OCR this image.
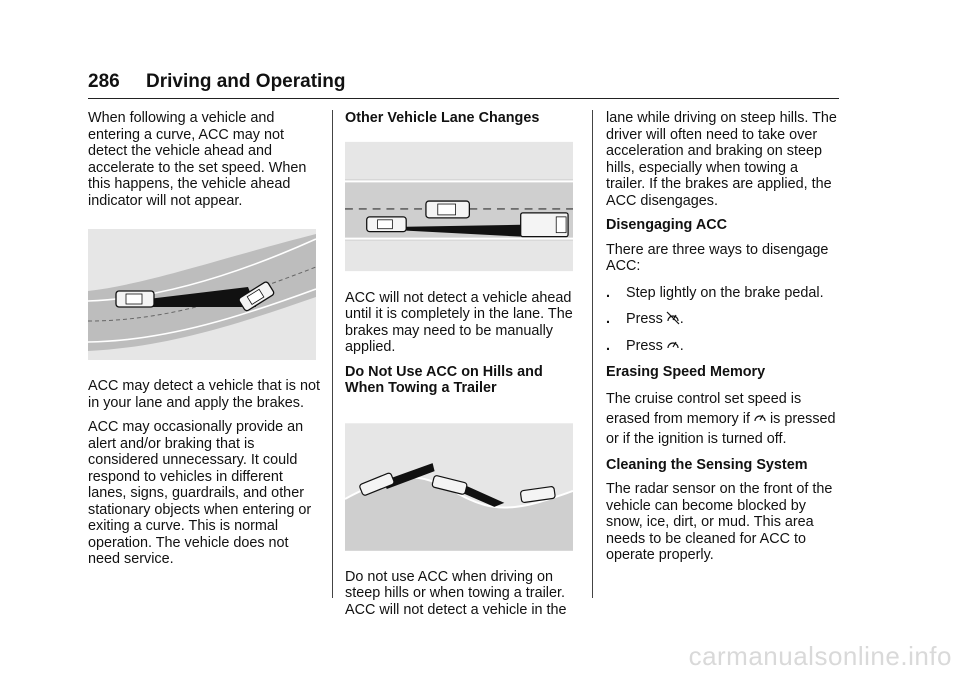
286 Driving and Operating

When following a vehicle and entering a curve, ACC may not detect the vehicle ahead and accelerate to the set speed. When this happens, the vehicle ahead indicator will not appear.

ACC may detect a vehicle that is not in your lane and apply the brakes.

ACC may occasionally provide an alert and/or braking that is considered unnecessary. It could respond to vehicles in different lanes, signs, guardrails, and other stationary objects when entering or exiting a curve. This is normal operation. The vehicle does not need service.

Other Vehicle Lane Changes

ACC will not detect a vehicle ahead until it is completely in the lane. The brakes may need to be manually applied.

Do Not Use ACC on Hills and When Towing a Trailer

Do not use ACC when driving on steep hills or when towing a trailer. ACC will not detect a vehicle in the

lane while driving on steep hills. The driver will often need to take over acceleration and braking on steep hills, especially when towing a trailer. If the brakes are applied, the ACC disengages.

Disengaging ACC

There are three ways to disengage ACC:

.	Step lightly on the brake pedal.
.	Press .
.	Press .
Erasing Speed Memory

The cruise control set speed is
erased from memory if is pressed
or if the ignition is turned off.

Cleaning the Sensing System

The radar sensor on the front of the vehicle can become blocked by snow, ice, dirt, or mud. This area needs to be cleaned for ACC to operate properly.

carmanualsonline.info
